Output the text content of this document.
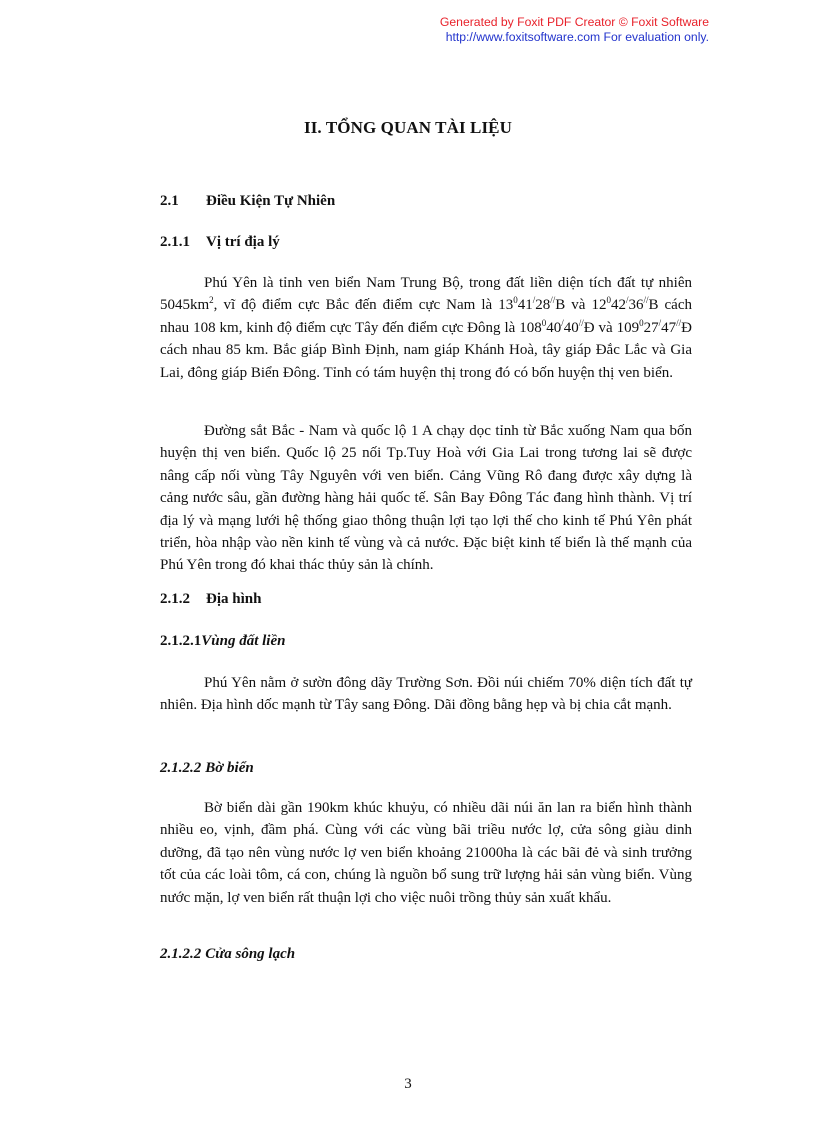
Generated by Foxit PDF Creator © Foxit Software
http://www.foxitsoftware.com For evaluation only.
II. TỔNG QUAN TÀI LIỆU
2.1 Điều Kiện Tự Nhiên
2.1.1 Vị trí địa lý

Phú Yên là tỉnh ven biển Nam Trung Bộ, trong đất liền diện tích đất tự nhiên $5045km^2$, vĩ độ điểm cực Bắc đến điểm cực Nam là $13^041^/28^{//}B$ và $12^042^/36^{//}B$ cách nhau 108 km, kinh độ điểm cực Tây đến điểm cực Đông là $108^040^/40^{//}Đ$ và $109^027^/47^{//}Đ$ cách nhau 85 km. Bắc giáp Bình Định, nam giáp Khánh Hoà, tây giáp Đắc Lắc và Gia Lai, đông giáp Biển Đông. Tỉnh có tám huyện thị trong đó có bốn huyện thị ven biển.

Đường sắt Bắc - Nam và quốc lộ 1 A chạy dọc tỉnh từ Bắc xuống Nam qua bốn huyện thị ven biển. Quốc lộ 25 nối Tp.Tuy Hoà với Gia Lai trong tương lai sẽ được nâng cấp nối vùng Tây Nguyên với ven biển. Cảng Vũng Rô đang được xây dựng là cảng nước sâu, gần đường hàng hải quốc tế. Sân Bay Đông Tác đang hình thành. Vị trí địa lý và mạng lưới hệ thống giao thông thuận lợi tạo lợi thế cho kinh tế Phú Yên phát triển, hòa nhập vào nền kinh tế vùng và cả nước. Đặc biệt kinh tế biển là thế mạnh của Phú Yên trong đó khai thác thủy sản là chính.

2.1.2 Địa hình
2.1.2.1Vùng đất liền

Phú Yên nằm ở sườn đông dãy Trường Sơn. Đồi núi chiếm 70% diện tích đất tự nhiên. Địa hình dốc mạnh từ Tây sang Đông. Dãi đồng bằng hẹp và bị chia cắt mạnh.

2.1.2.2 Bờ biển

Bờ biển dài gần 190km khúc khuỷu, có nhiều dãi núi ăn lan ra biển hình thành nhiều eo, vịnh, đầm phá. Cùng với các vùng bãi triều nước lợ, cửa sông giàu dinh dưỡng, đã tạo nên vùng nước lợ ven biển khoảng 21000ha là các bãi đẻ và sinh trưởng tốt của các loài tôm, cá con, chúng là nguồn bổ sung trữ lượng hải sản vùng biển. Vùng nước mặn, lợ ven biển rất thuận lợi cho việc nuôi trồng thủy sản xuất khẩu.

2.1.2.2 Cửa sông lạch
3
